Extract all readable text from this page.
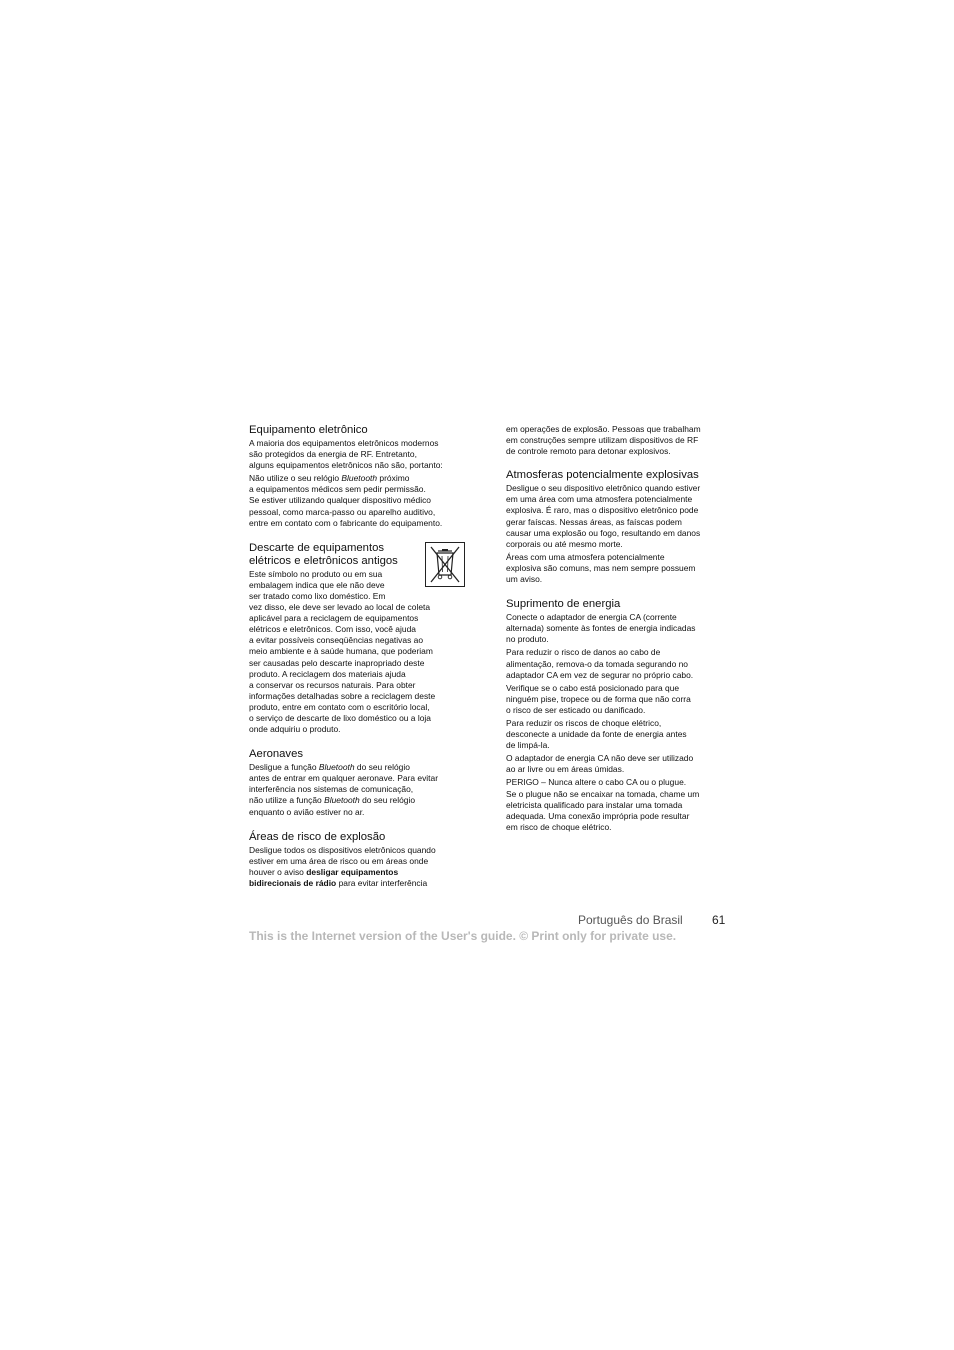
Equipamento eletrônico

A maioria dos equipamentos eletrônicos modernos
são protegidos da energia de RF. Entretanto,
alguns equipamentos eletrônicos não são, portanto:

Não utilize o seu relógio Bluetooth próximo
a equipamentos médicos sem pedir permissão.
Se estiver utilizando qualquer dispositivo médico
pessoal, como marca-passo ou aparelho auditivo,
entre em contato com o fabricante do equipamento.

Descarte de equipamentos
elétricos e eletrônicos antigos

Este símbolo no produto ou em sua
embalagem indica que ele não deve
ser tratado como lixo doméstico. Em
vez disso, ele deve ser levado ao local de coleta
aplicável para a reciclagem de equipamentos
elétricos e eletrônicos. Com isso, você ajuda
a evitar possíveis conseqüências negativas ao
meio ambiente e à saúde humana, que poderiam
ser causadas pelo descarte inapropriado deste
produto. A reciclagem dos materiais ajuda
a conservar os recursos naturais. Para obter
informações detalhadas sobre a reciclagem deste
produto, entre em contato com o escritório local,
o serviço de descarte de lixo doméstico ou a loja
onde adquiriu o produto.

Aeronaves

Desligue a função Bluetooth do seu relógio
antes de entrar em qualquer aeronave. Para evitar
interferência nos sistemas de comunicação,
não utilize a função Bluetooth do seu relógio
enquanto o avião estiver no ar.

Áreas de risco de explosão

Desligue todos os dispositivos eletrônicos quando
estiver em uma área de risco ou em áreas onde
houver o aviso desligar equipamentos
bidirecionais de rádio para evitar interferência

em operações de explosão. Pessoas que trabalham
em construções sempre utilizam dispositivos de RF
de controle remoto para detonar explosivos.

Atmosferas potencialmente explosivas

Desligue o seu dispositivo eletrônico quando estiver
em uma área com uma atmosfera potencialmente
explosiva. É raro, mas o dispositivo eletrônico pode
gerar faíscas. Nessas áreas, as faíscas podem
causar uma explosão ou fogo, resultando em danos
corporais ou até mesmo morte.

Áreas com uma atmosfera potencialmente
explosiva são comuns, mas nem sempre possuem
um aviso.

Suprimento de energia

Conecte o adaptador de energia CA (corrente
alternada) somente às fontes de energia indicadas
no produto.

Para reduzir o risco de danos ao cabo de
alimentação, remova-o da tomada segurando no
adaptador CA em vez de segurar no próprio cabo.

Verifique se o cabo está posicionado para que
ninguém pise, tropece ou de forma que não corra
o risco de ser esticado ou danificado.

Para reduzir os riscos de choque elétrico,
desconecte a unidade da fonte de energia antes
de limpá-la.

O adaptador de energia CA não deve ser utilizado
ao ar livre ou em áreas úmidas.

PERIGO – Nunca altere o cabo CA ou o plugue.
Se o plugue não se encaixar na tomada, chame um
eletricista qualificado para instalar uma tomada
adequada. Uma conexão imprópria pode resultar
em risco de choque elétrico.

Português do Brasil 61
This is the Internet version of the User's guide. © Print only for private use.
